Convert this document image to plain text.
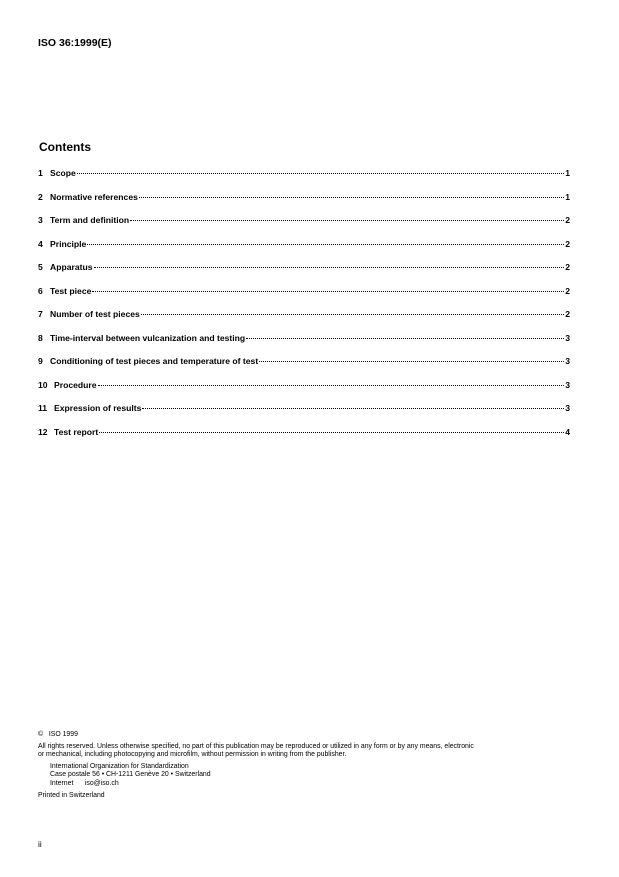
ISO 36:1999(E)

Contents
1 Scope	1
2 Normative references	1
3 Term and definition	2
4 Principle	2
5 Apparatus	2
6 Test piece	2
7 Number of test pieces	2
8 Time-interval between vulcanization and testing	3
9 Conditioning of test pieces and temperature of test	3
10 Procedure	3
11 Expression of results	3
12 Test report	4

©   ISO 1999

All rights reserved. Unless otherwise specified, no part of this publication may be reproduced or utilized in any form or by any means, electronic

or mechanical, including photocopying and microfilm, without permission in writing from the publisher.

International Organization for Standardization

Case postale 56 • CH-1211 Genève 20 • Switzerland

Internet      iso@iso.ch

Printed in Switzerland

ii
